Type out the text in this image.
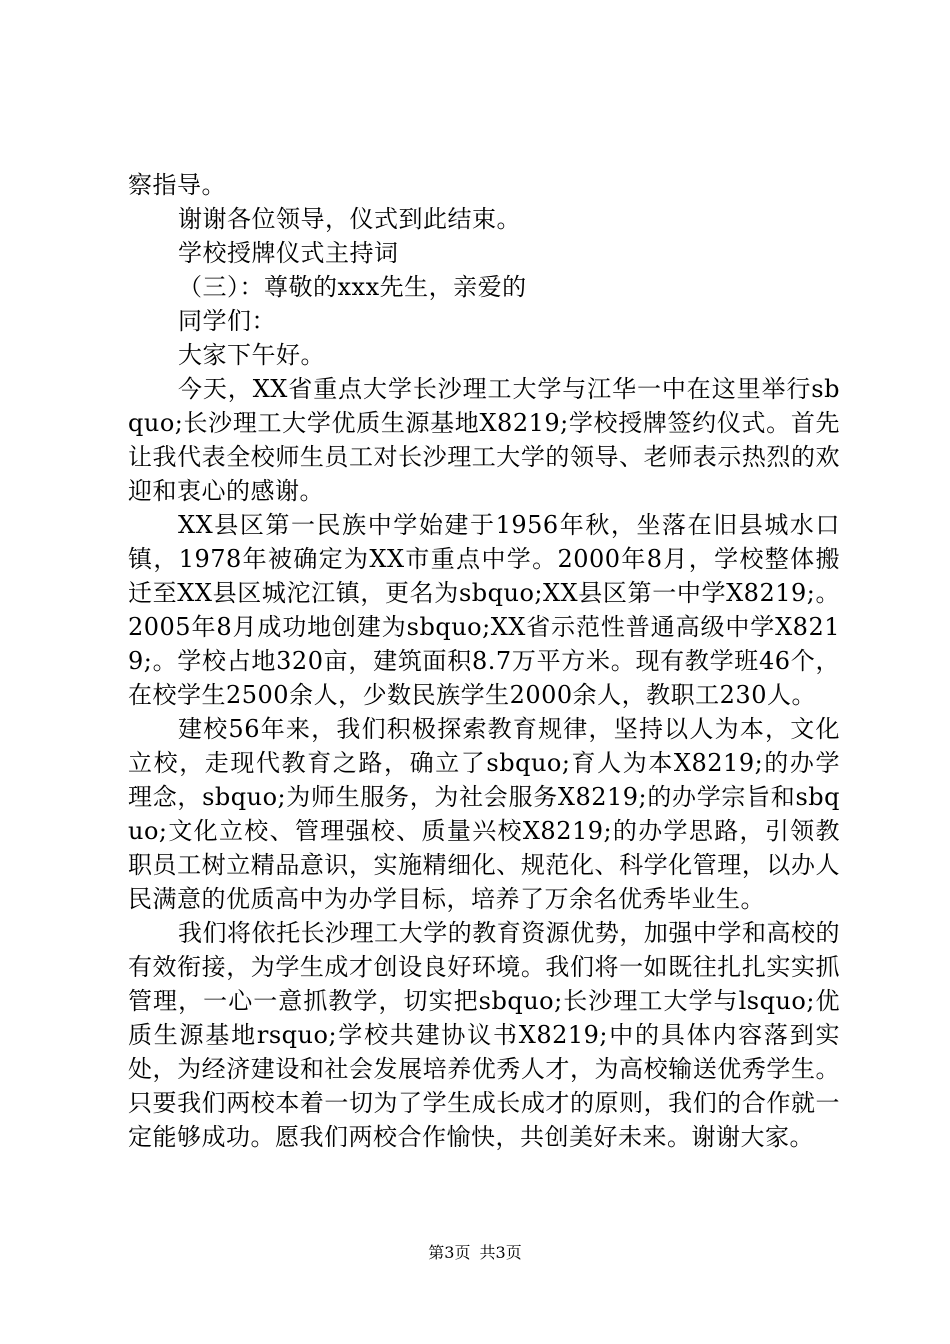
察指导。

谢谢各位领导，仪式到此结束。

学校授牌仪式主持词

（三）：尊敬的xxx先生，亲爱的

同学们：

大家下午好。

今天，XX省重点大学长沙理工大学与江华一中在这里举行sbquo;长沙理工大学优质生源基地X8219;学校授牌签约仪式。首先让我代表全校师生员工对长沙理工大学的领导、老师表示热烈的欢迎和衷心的感谢。

XX县区第一民族中学始建于1956年秋，坐落在旧县城水口镇，1978年被确定为XX市重点中学。2000年8月，学校整体搬迁至XX县区城沱江镇，更名为sbquo;XX县区第一中学X8219;。2005年8月成功地创建为sbquo;XX省示范性普通高级中学X8219;。学校占地320亩，建筑面积8.7万平方米。现有教学班46个，在校学生2500余人，少数民族学生2000余人，教职工230人。

建校56年来，我们积极探索教育规律，坚持以人为本，文化立校，走现代教育之路，确立了sbquo;育人为本X8219;的办学理念，sbquo;为师生服务，为社会服务X8219;的办学宗旨和sbquo;文化立校、管理强校、质量兴校X8219;的办学思路，引领教职员工树立精品意识，实施精细化、规范化、科学化管理，以办人民满意的优质高中为办学目标，培养了万余名优秀毕业生。

我们将依托长沙理工大学的教育资源优势，加强中学和高校的有效衔接，为学生成才创设良好环境。我们将一如既往扎扎实实抓管理，一心一意抓教学，切实把sbquo;长沙理工大学与lsquo;优质生源基地rsquo;学校共建协议书X8219;中的具体内容落到实处，为经济建设和社会发展培养优秀人才，为高校输送优秀学生。只要我们两校本着一切为了学生成长成才的原则，我们的合作就一定能够成功。愿我们两校合作愉快，共创美好未来。谢谢大家。

第3页 共3页
